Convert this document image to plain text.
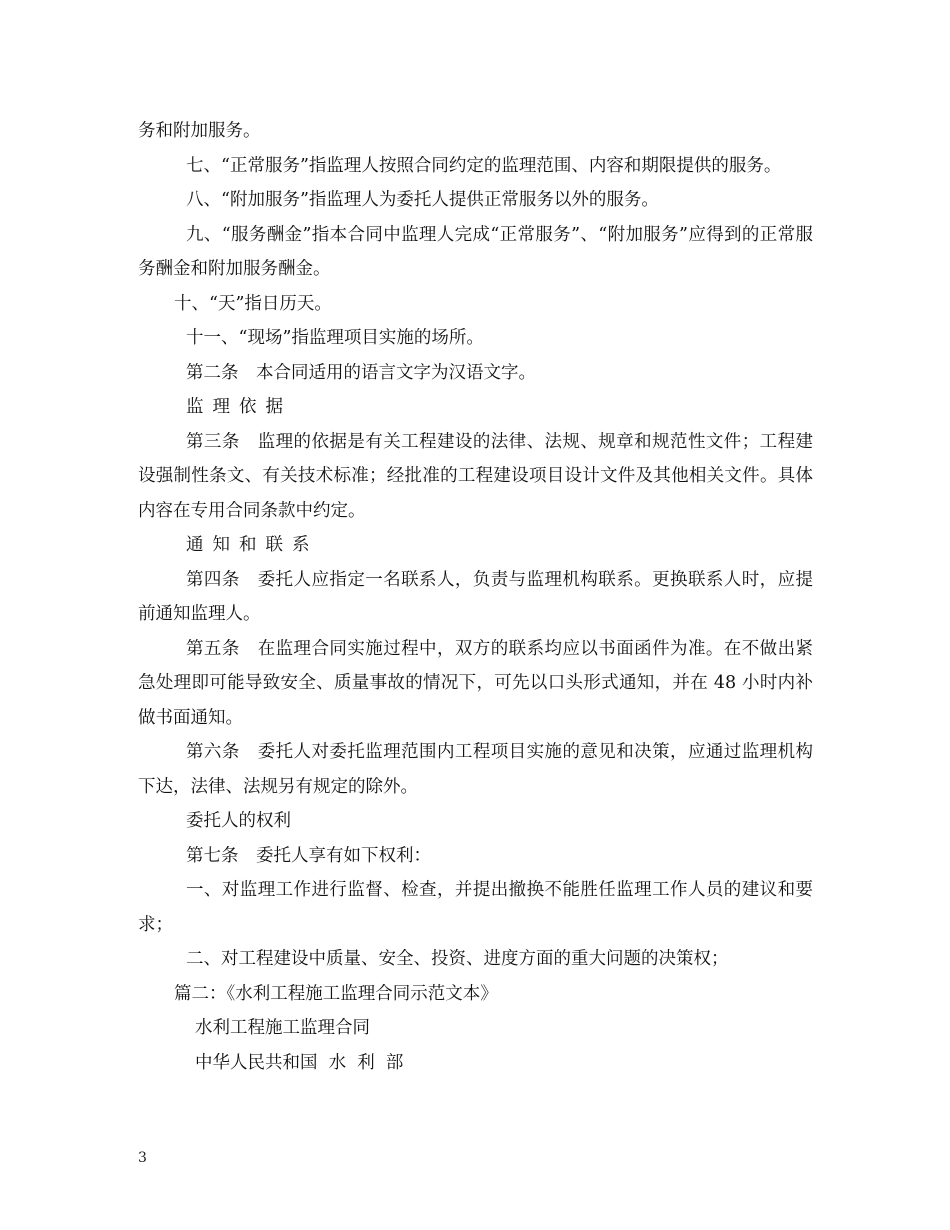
务和附加服务。

七、“正常服务”指监理人按照合同约定的监理范围、内容和期限提供的服务。

八、“附加服务”指监理人为委托人提供正常服务以外的服务。

九、“服务酬金”指本合同中监理人完成“正常服务”、“附加服务”应得到的正常服务酬金和附加服务酬金。

十、“天”指日历天。

十一、“现场”指监理项目实施的场所。

第二条　本合同适用的语言文字为汉语文字。

监理依据

第三条　监理的依据是有关工程建设的法律、法规、规章和规范性文件；工程建设强制性条文、有关技术标准；经批准的工程建设项目设计文件及其他相关文件。具体内容在专用合同条款中约定。

通知和联系

第四条　委托人应指定一名联系人，负责与监理机构联系。更换联系人时，应提前通知监理人。

第五条　在监理合同实施过程中，双方的联系均应以书面函件为准。在不做出紧急处理即可能导致安全、质量事故的情况下，可先以口头形式通知，并在 48 小时内补做书面通知。

第六条　委托人对委托监理范围内工程项目实施的意见和决策，应通过监理机构下达，法律、法规另有规定的除外。

委托人的权利

第七条　委托人享有如下权利：

一、对监理工作进行监督、检查，并提出撤换不能胜任监理工作人员的建议和要求；

二、对工程建设中质量、安全、投资、进度方面的重大问题的决策权；

篇二：《水利工程施工监理合同示范文本》

水利工程施工监理合同

中华人民共和国  水  利  部

3
